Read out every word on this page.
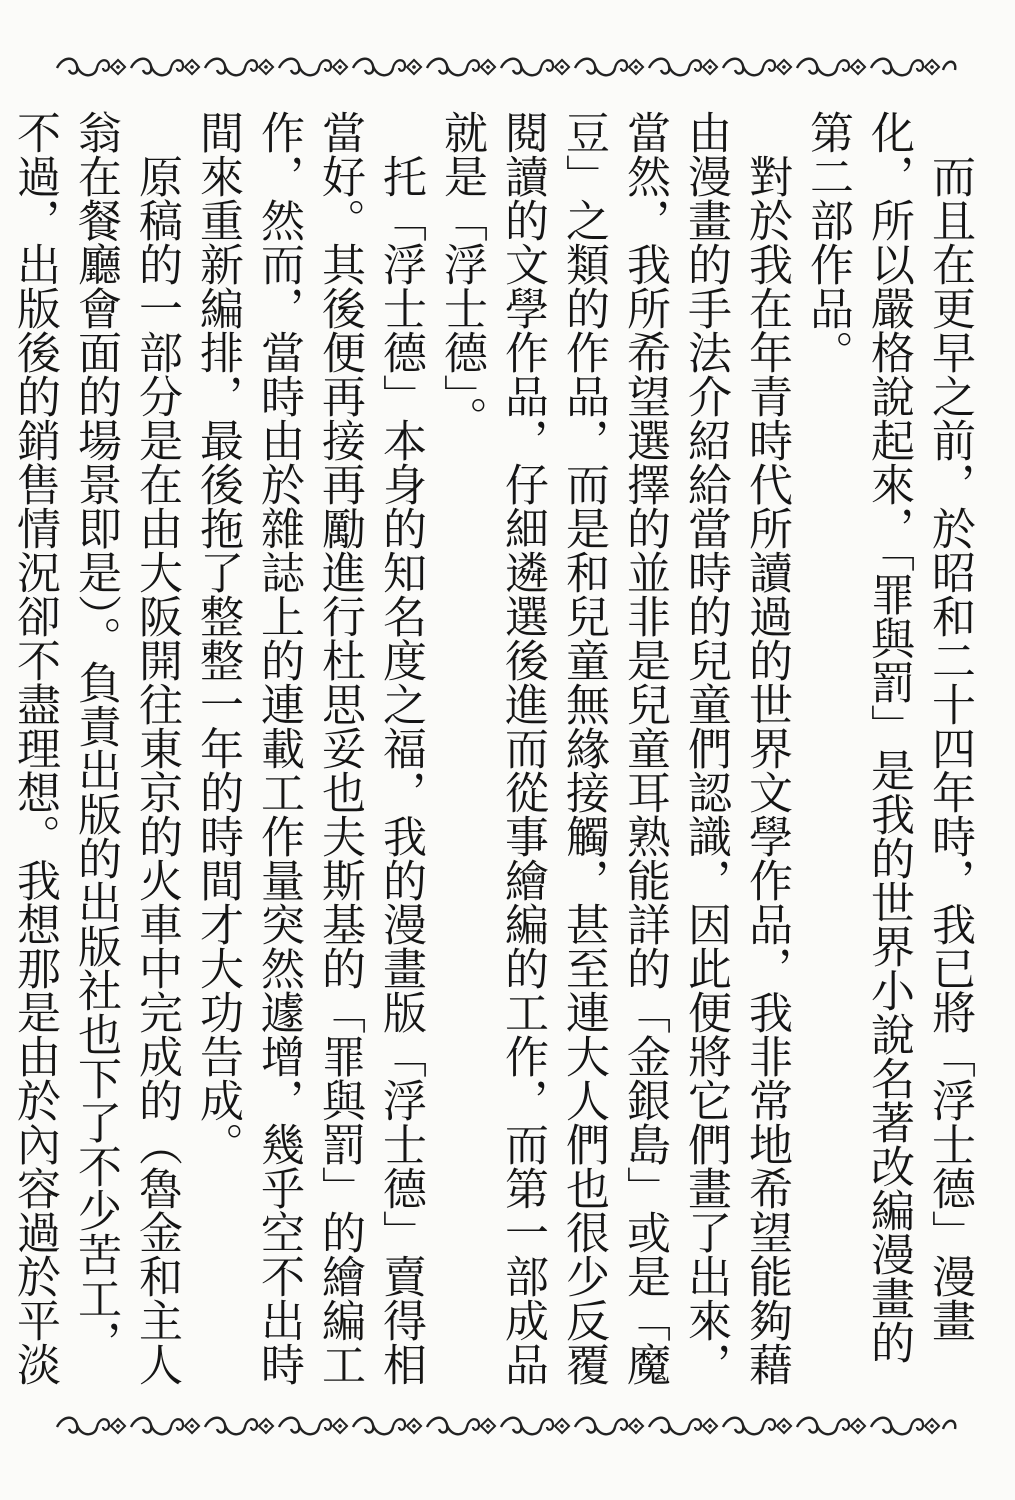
而且在更早之前，於昭和二十四年時，我已將「浮士德」漫畫化，所以嚴格說起來，「罪與罰」是我的世界小說名著改編漫畫的第二部作品。

對於我在年青時代所讀過的世界文學作品，我非常地希望能夠藉由漫畫的手法介紹給當時的兒童們認識，因此便將它們畫了出來，當然，我所希望選擇的並非是兒童耳熟能詳的「金銀島」或是「魔豆」之類的作品，而是和兒童無緣接觸，甚至連大人們也很少反覆閱讀的文學作品，仔細遴選後進而從事繪編的工作，而第一部成品就是「浮士德」。

托「浮士德」本身的知名度之福，我的漫畫版「浮士德」賣得相當好。其後便再接再勵進行杜思妥也夫斯基的「罪與罰」的繪編工作，然而，當時由於雜誌上的連載工作量突然遽增，幾乎空不出時間來重新編排，最後拖了整整一年的時間才大功告成。

原稿的一部分是在由大阪開往東京的火車中完成的（魯金和主人翁在餐廳會面的場景即是）。負責出版的出版社也下了不少苦工，不過，出版後的銷售情況卻不盡理想。我想那是由於內容過於平淡
